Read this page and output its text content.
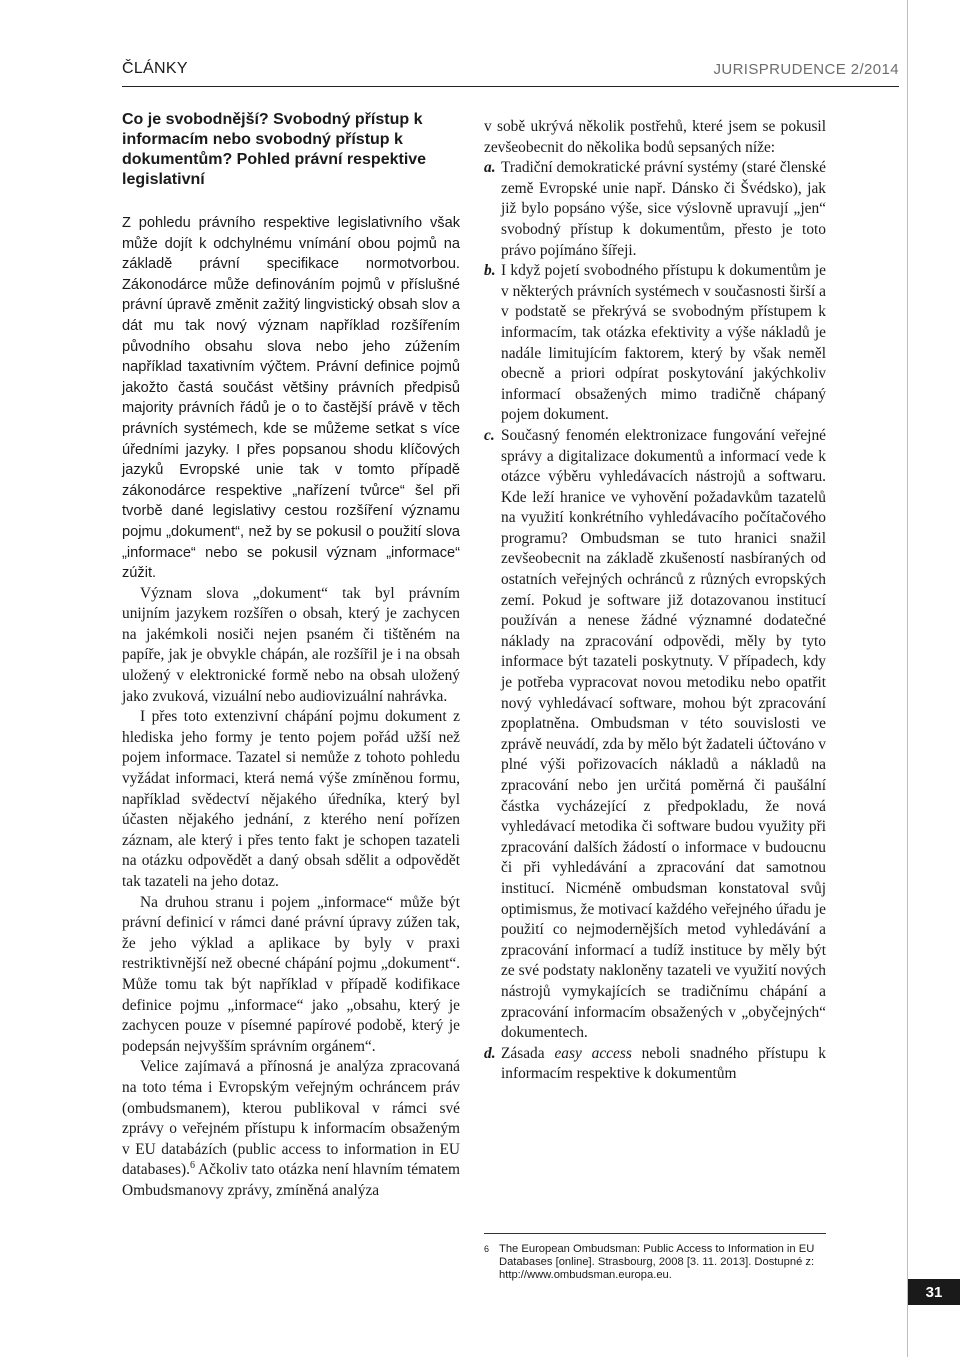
ČLÁNKY	JURISPRUDENCE 2/2014
Co je svobodnější? Svobodný přístup k informacím nebo svobodný přístup k dokumentům? Pohled právní respektive legislativní

Z pohledu právního respektive legislativního však může dojít k odchylnému vnímání obou pojmů na základě právní specifikace normotvorbou. Zákonodárce může definováním pojmů v příslušné právní úpravě změnit zažitý lingvistický obsah slov a dát mu tak nový význam například rozšířením původního obsahu slova nebo jeho zúžením například taxativním výčtem. Právní definice pojmů jakožto častá součást většiny právních předpisů majority právních řádů je o to častější právě v těch právních systémech, kde se můžeme setkat s více úředními jazyky. I přes popsanou shodu klíčových jazyků Evropské unie tak v tomto případě zákonodárce respektive „nařízení tvůrce“ šel při tvorbě dané legislativy cestou rozšíření významu pojmu „dokument“, než by se pokusil o použití slova „informace“ nebo se pokusil význam „informace“ zúžit.

Význam slova „dokument“ tak byl právním unijním jazykem rozšířen o obsah, který je zachycen na jakémkoli nosiči nejen psaném či tištěném na papíře, jak je obvykle chápán, ale rozšířil je i na obsah uložený v elektronické formě nebo na obsah uložený jako zvuková, vizuální nebo audiovizuální nahrávka.

I přes toto extenzivní chápání pojmu dokument z hlediska jeho formy je tento pojem pořád užší než pojem informace. Tazatel si nemůže z tohoto pohledu vyžádat informaci, která nemá výše zmíněnou formu, například svědectví nějakého úředníka, který byl účasten nějakého jednání, z kterého není pořízen záznam, ale který i přes tento fakt je schopen tazateli na otázku odpovědět a daný obsah sdělit a odpovědět tak tazateli na jeho dotaz.

Na druhou stranu i pojem „informace“ může být právní definicí v rámci dané právní úpravy zúžen tak, že jeho výklad a aplikace by byly v praxi restriktivnější než obecné chápání pojmu „dokument“. Může tomu tak být například v případě kodifikace definice pojmu „informace“ jako „obsahu, který je zachycen pouze v písemné papírové podobě, který je podepsán nejvyšším správním orgánem“.

Velice zajímavá a přínosná je analýza zpracovaná na toto téma i Evropským veřejným ochráncem práv (ombudsmanem), kterou publikoval v rámci své zprávy o veřejném přístupu k informacím obsaženým v EU databázích (public access to information in EU databases).$^6$ Ačkoliv tato otázka není hlavním tématem Ombudsmanovy zprávy, zmíněná analýza

v sobě ukrývá několik postřehů, které jsem se pokusil zevšeobecnit do několika bodů sepsaných níže:

a. Tradiční demokratické právní systémy (staré členské země Evropské unie např. Dánsko či Švédsko), jak již bylo popsáno výše, sice výslovně upravují „jen“ svobodný přístup k dokumentům, přesto je toto právo pojímáno šířeji.
b. I když pojetí svobodného přístupu k dokumentům je v některých právních systémech v současnosti širší a v podstatě se překrývá se svobodným přístupem k informacím, tak otázka efektivity a výše nákladů je nadále limitujícím faktorem, který by však neměl obecně a priori odpírat poskytování jakýchkoliv informací obsažených mimo tradičně chápaný pojem dokument.
c. Současný fenomén elektronizace fungování veřejné správy a digitalizace dokumentů a informací vede k otázce výběru vyhledávacích nástrojů a softwaru. Kde leží hranice ve vyhovění požadavkům tazatelů na využití konkrétního vyhledávacího počítačového programu? Ombudsman se tuto hranici snažil zevšeobecnit na základě zkušeností nasbíraných od ostatních veřejných ochránců z různých evropských zemí. Pokud je software již dotazovanou institucí používán a nenese žádné významné dodatečné náklady na zpracování odpovědi, měly by tyto informace být tazateli poskytnuty. V případech, kdy je potřeba vypracovat novou metodiku nebo opatřit nový vyhledávací software, mohou být zpracování zpoplatněna. Ombudsman v této souvislosti ve zprávě neuvádí, zda by mělo být žadateli účtováno v plné výši pořizovacích nákladů a nákladů na zpracování nebo jen určitá poměrná či paušální částka vycházející z předpokladu, že nová vyhledávací metodika či software budou využity při zpracování dalších žádostí o informace v budoucnu či při vyhledávání a zpracování dat samotnou institucí. Nicméně ombudsman konstatoval svůj optimismus, že motivací každého veřejného úřadu je použití co nejmodernějších metod vyhledávání a zpracování informací a tudíž instituce by měly být ze své podstaty nakloněny tazateli ve využití nových nástrojů vymykajících se tradičnímu chápání a zpracování informacím obsažených v „obyčejných“ dokumentech.
d. Zásada easy access neboli snadného přístupu k informacím respektive k dokumentům
6 The European Ombudsman: Public Access to Information in EU Databases [online]. Strasbourg, 2008 [3. 11. 2013]. Dostupné z: http://www.ombudsman.europa.eu.
31
